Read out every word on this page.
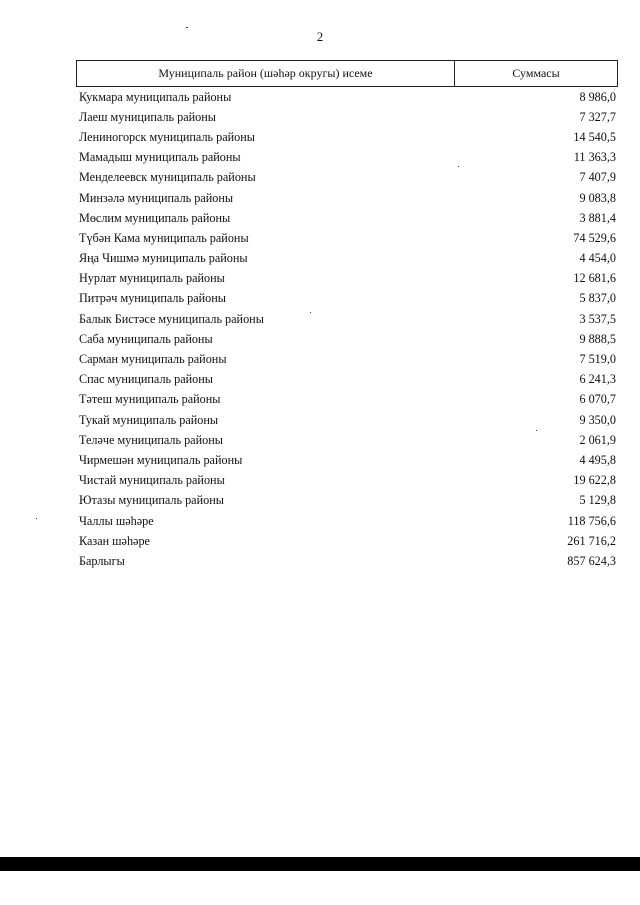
2
Муниципаль район (шәһәр округы) исеме	Суммасы
Кукмара муниципаль районы	8 986,0
Лаеш муниципаль районы	7 327,7
Лениногорск муниципаль районы	14 540,5
Мамадыш муниципаль районы	11 363,3
Менделеевск муниципаль районы	7 407,9
Минзәлә муниципаль районы	9 083,8
Мөслим муниципаль районы	3 881,4
Түбән Кама муниципаль районы	74 529,6
Яңа Чишмә муниципаль районы	4 454,0
Нурлат муниципаль районы	12 681,6
Питрәч муниципаль районы	5 837,0
Балык Бистәсе муниципаль районы	3 537,5
Саба муниципаль районы	9 888,5
Сарман муниципаль районы	7 519,0
Спас муниципаль районы	6 241,3
Тәтеш муниципаль районы	6 070,7
Тукай муниципаль районы	9 350,0
Теләче муниципаль районы	2 061,9
Чирмешән муниципаль районы	4 495,8
Чистай муниципаль районы	19 622,8
Ютазы муниципаль районы	5 129,8
Чаллы шәһәре	118 756,6
Казан шәһәре	261 716,2
Барлыгы	857 624,3
